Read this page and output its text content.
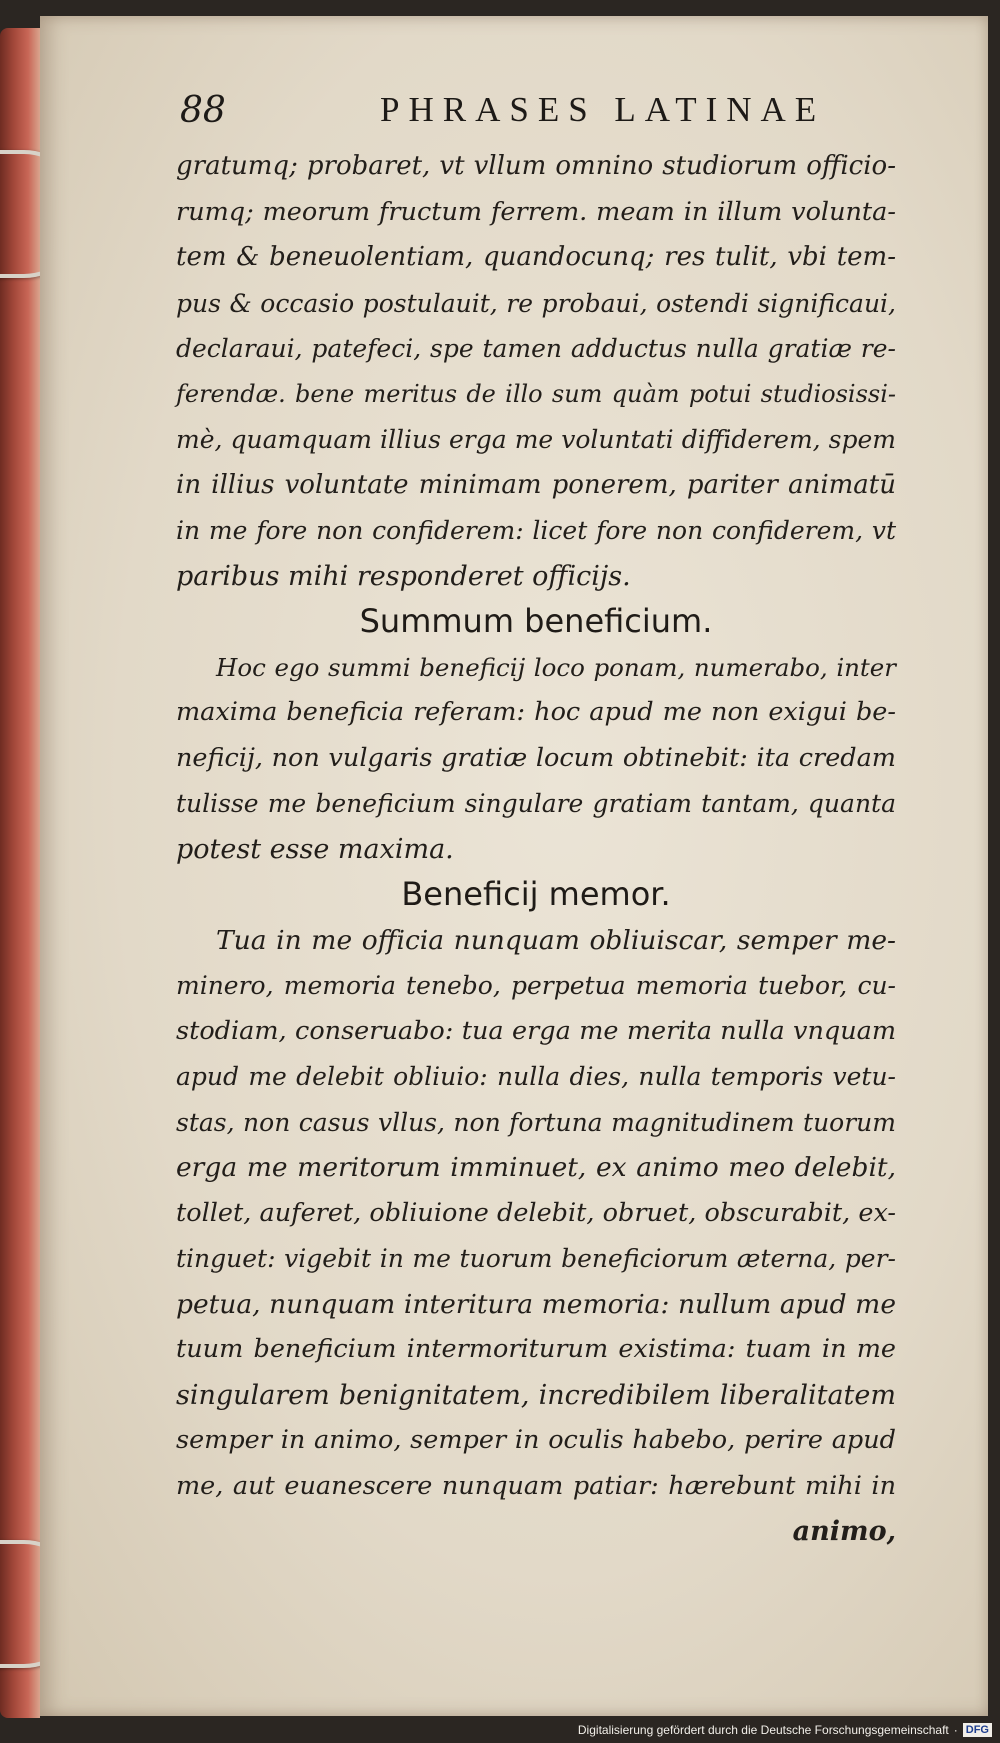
88	PHRASES LATINAE
gratumq; probaret, vt vllum omnino studiorum officio-
rumq; meorum fructum ferrem. meam in illum volunta-
tem & beneuolentiam, quandocunq; res tulit, vbi tem-
pus & occasio postulauit, re probaui, ostendi significaui,
declaraui, patefeci, spe tamen adductus nulla gratiæ re-
ferendæ. bene meritus de illo sum quàm potui studiosissi-
mè, quamquam illius erga me voluntati diffiderem, spem
in illius voluntate minimam ponerem, pariter animatū
in me fore non confiderem: licet fore non confiderem, vt
paribus mihi responderet officijs.
Summum beneficium.
Hoc ego summi beneficij loco ponam, numerabo, inter
maxima beneficia referam: hoc apud me non exigui be-
neficij, non vulgaris gratiæ locum obtinebit: ita credam
tulisse me beneficium singulare gratiam tantam, quanta
potest esse maxima.
Beneficij memor.
Tua in me officia nunquam obliuiscar, semper me-
minero, memoria tenebo, perpetua memoria tuebor, cu-
stodiam, conseruabo: tua erga me merita nulla vnquam
apud me delebit obliuio: nulla dies, nulla temporis vetu-
stas, non casus vllus, non fortuna magnitudinem tuorum
erga me meritorum imminuet, ex animo meo delebit,
tollet, auferet, obliuione delebit, obruet, obscurabit, ex-
tinguet: vigebit in me tuorum beneficiorum æterna, per-
petua, nunquam interitura memoria: nullum apud me
tuum beneficium intermoriturum existima: tuam in me
singularem benignitatem, incredibilem liberalitatem
semper in animo, semper in oculis habebo, perire apud
me, aut euanescere nunquam patiar: hærebunt mihi in
animo,
Digitalisierung gefördert durch die Deutsche Forschungsgemeinschaft · DFG
